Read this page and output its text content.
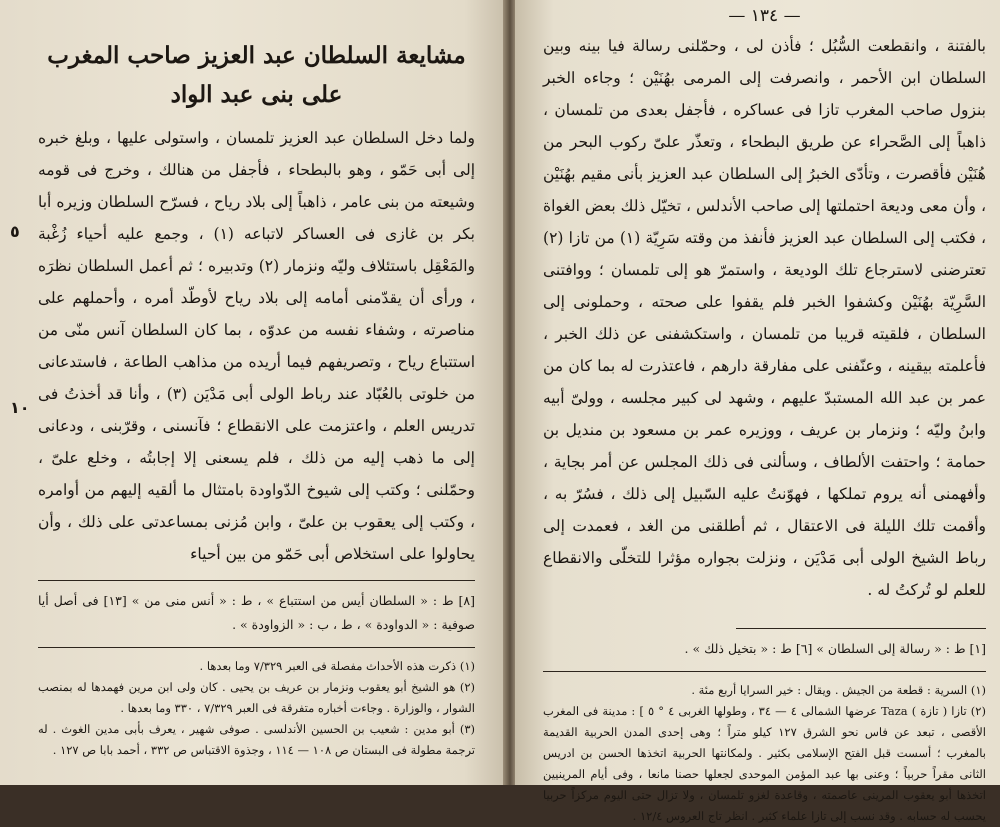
مشايعة السلطان عبد العزيز صاحب المغرب
على بنى عبد الواد

ولما دخل السلطان عبد العزيز تلمسان ، واستولى عليها ، وبلغ خبره إلى أبى حَمّو ، وهو بالبطحاء ، فأجفل من هنالك ، وخرج فى قومه وشيعته من بنى عامر ، ذاهباً إلى بلاد رياح ، فسرّح السلطان وزيره أبا بكر بن غازى فى العساكر لاتباعه (١) ، وجمع عليه أحياء زُغْبة والمَعْقِل باستئلاف وليّه ونزمار (٢) وتدبيره ؛ ثم أعمل السلطان نظرَه ، ورأى أن يقدّمنى أمامه إلى بلاد رياح لأوطّد أمره ، وأحملهم على مناصرته ، وشفاء نفسه من عدوّه ، بما كان السلطان آنس منّى من استتباع رياح ، وتصريفهم فيما أريده من مذاهب الطاعة ، فاستدعانى من خلوتى بالعُبّاد عند رباط الولى أبى مَدْيَن (٣) ، وأنا قد أخذتُ فى تدريس العلم ، واعتزمت على الانقطاع ؛ فآنسنى ، وقرّبنى ، ودعانى إلى ما ذهب إليه من ذلك ، فلم يسعنى إلا إجابتُه ، وخلع علىّ ، وحمّلنى ؛ وكتب إلى شيوخ الدّواودة بامتثال ما ألقيه إليهم من أوامره ، وكتب إلى يعقوب بن علىّ ، وابن مُزنى بمساعدتى على ذلك ، وأن يحاولوا على استخلاص أبى حَمّو من بين أحياء

٥
١٠

[٨] ط : « السلطان أيس من استتباع » ، ط : « أنس منى من » [١٣] فى أصل أيا صوفية : « الدواودة » ، ط ، ب : « الزواودة » .

(١) ذكرت هذه الأحداث مفصلة فى العبر ٧/٣٢٩ وما بعدها .

(٢) هو الشيخ أبو يعقوب ونزمار بن عريف بن يحيى . كان ولى ابن مرين فهمدها له بمنصب الشوار ، والوزارة . وجاءت أخباره متفرقة فى العبر ٧/٣٢٩ ، ٣٣٠ وما بعدها .

(٣) أبو مدين : شعيب بن الحسين الأندلسى . صوفى شهير ، يعرف بأبى مدين الغوث . له ترجمة مطولة فى البستان ص ١٠٨ — ١١٤ ، وجذوة الاقتباس ص ٣٣٢ ، أحمد بابا ص ١٢٧ .

— ١٣٤ —

بالفتنة ، وانقطعت السُّبُل ؛ فأذن لى ، وحمّلنى رسالة فيا بينه وبين السلطان ابن الأحمر ، وانصرفت إلى المرمى بهُنَيْن ؛ وجاءه الخبر بنزول صاحب المغرب تازا فى عساكره ، فأجفل بعدى من تلمسان ، ذاهباً إلى الصَّحراء عن طريق البطحاء ، وتعذّر علىّ ركوب البحر من هُنَيْن فأقصرت ، وتأدّى الخبرُ إلى السلطان عبد العزيز بأنى مقيم بهُنَيْن ، وأن معى وديعة احتملتها إلى صاحب الأندلس ، تخيّل ذلك بعض الغواة ، فكتب إلى السلطان عبد العزيز فأنفذ من وقته سَرِيّة (١) من تازا (٢) تعترضنى لاسترجاع تلك الوديعة ، واستمرّ هو إلى تلمسان ؛ ووافتنى السَّرِيّة بهُنَيْن وكشفوا الخبر فلم يقفوا على صحته ، وحملونى إلى السلطان ، فلقيته قريبا من تلمسان ، واستكشفنى عن ذلك الخبر ، فأعلمته بيقينه ، وعنّفنى على مفارقة دارهم ، فاعتذرت له بما كان من عمر بن عبد الله المستبدّ عليهم ، وشهد لى كبير مجلسه ، وولىّ أبيه وابنُ وليّه ؛ ونزمار بن عريف ، ووزيره عمر بن مسعود بن منديل بن حمامة ؛ واحتفت الألطاف ، وسألنى فى ذلك المجلس عن أمر بجاية ، وأفهمنى أنه يروم تملكها ، فهوّنتُ عليه السّبيل إلى ذلك ، فسُرّ به ، وأقمت تلك الليلة فى الاعتقال ، ثم أطلقنى من الغد ، فعمدت إلى رباط الشيخ الولى أبى مَدْيَن ، ونزلت بجواره مؤثرا للتخلّى والانقطاع للعلم لو تُركتُ له .

[١] ط : « رسالة إلى السلطان » [٦] ط : « بتخيل ذلك » .

(١) السرية : قطعة من الجيش . ويقال : خير السرايا أربع مئة .

(٢) تازا ( تازة ) Taza عرضها الشمالى ٤ — ٣٤ ، وطولها الغربى ٤ ° ٥ ] : مدينة فى المغرب الأقصى ، تبعد عن فاس نحو الشرق ١٢٧ كيلو متراً ؛ وهى إحدى المدن الحربية القديمة بالمغرب ؛ أسست قبل الفتح الإسلامى بكثير . ولمكانتها الحربية اتخذها الحسن بن ادريس الثانى مقراً حربياً ؛ وعنى بها عبد المؤمن الموحدى لجعلها حصنا مانعا ، وفى أيام المرينيين اتخذها أبو يعقوب المرينى عاصمته ، وقاعدة لغزو تلمسان ، ولا تزال حتى اليوم مركزاً حربيا يحسب له حسابه . وقد نسب إلى تازا علماء كثير . انظر تاج العروس ١٢/٤ .
